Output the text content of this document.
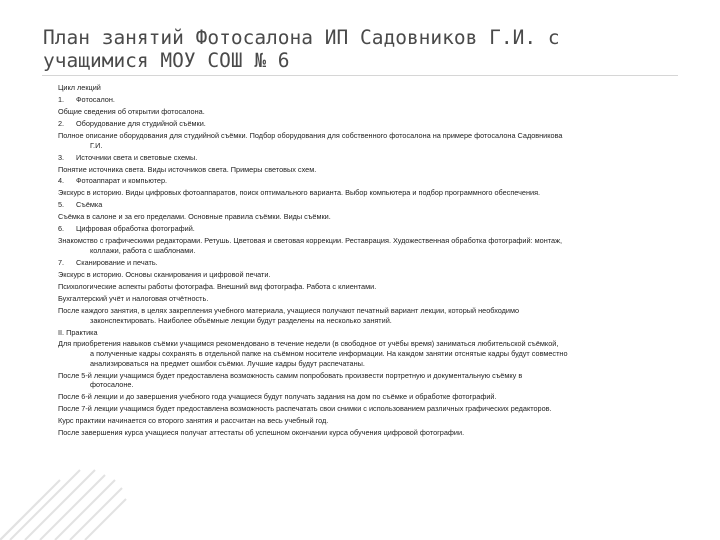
План занятий Фотосалона ИП Садовников Г.И. с
учащимися МОУ СОШ № 6

Цикл лекций

1. Фотосалон.

Общие сведения об открытии фотосалона.

2. Оборудование для студийной съёмки.

Полное описание оборудования для студийной съёмки. Подбор оборудования для собственного фотосалона на примере фотосалона Садовникова
Г.И.

3. Источники света и световые схемы.

Понятие источника света. Виды источников света. Примеры световых схем.

4. Фотоаппарат и компьютер.

Экскурс в историю. Виды цифровых фотоаппаратов, поиск оптимального варианта. Выбор компьютера и подбор программного обеспечения.

5. Съёмка

Съёмка в салоне и за его пределами. Основные правила съёмки. Виды съёмки.

6. Цифровая обработка фотографий.

Знакомство с графическими редакторами. Ретушь. Цветовая и световая коррекции. Реставрация. Художественная обработка фотографий: монтаж,
коллажи, работа с шаблонами.

7. Сканирование и печать.

Экскурс в историю. Основы сканирования и цифровой печати.

Психологические аспекты работы фотографа. Внешний вид фотографа. Работа с клиентами.

Бухгалтерский учёт и налоговая отчётность.

После каждого занятия, в целях закрепления учебного материала, учащиеся получают печатный вариант лекции, который необходимо
законспектировать. Наиболее объёмные лекции будут разделены на несколько занятий.

II. Практика

Для приобретения навыков съёмки учащимся рекомендовано в течение недели (в свободное от учёбы время) заниматься любительской съёмкой,
а полученные кадры сохранять в отдельной папке на съёмном носителе информации. На каждом занятии отснятые кадры будут совместно
анализироваться на предмет ошибок съёмки. Лучшие кадры будут распечатаны.

После 5-й лекции учащимся будет предоставлена возможность самим попробовать произвести портретную и документальную съёмку в
фотосалоне.

После 6-й лекции и до завершения учебного года учащиеся будут получать задания на дом по съёмке и обработке фотографий.

После 7-й лекции учащимся будет предоставлена возможность распечатать свои снимки с использованием различных графических редакторов.

Курс практики начинается со второго занятия и рассчитан на весь учебный год.

После завершения курса учащиеся получат аттестаты об успешном окончании курса обучения цифровой фотографии.
